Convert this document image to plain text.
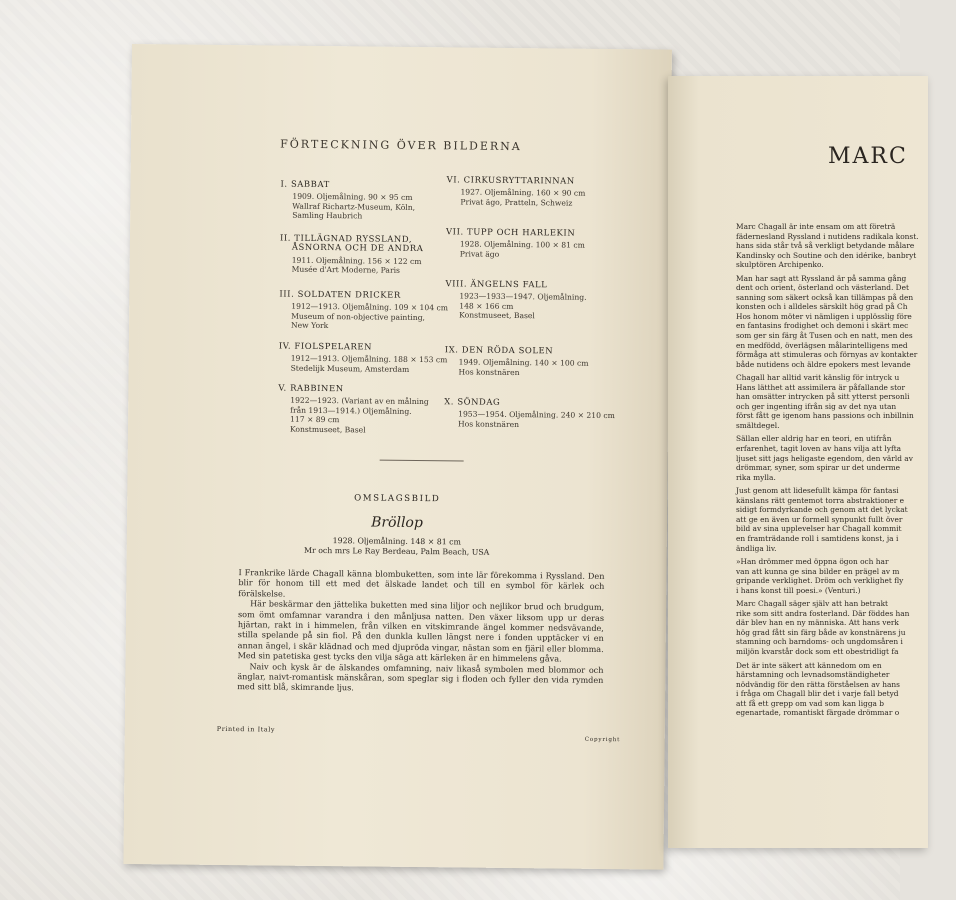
FÖRTECKNING ÖVER BILDERNA
I. SABBAT
1909. Oljemålning. 90 × 95 cm
Wallraf Richartz-Museum, Köln,
Samling Haubrich
II. TILLÄGNAD RYSSLAND,
ÅSNORNA OCH DE ANDRA
1911. Oljemålning. 156 × 122 cm
Musée d'Art Moderne, Paris
III. SOLDATEN DRICKER
1912—1913. Oljemålning. 109 × 104 cm
Museum of non-objective painting,
New York
IV. FIOLSPELAREN
1912—1913. Oljemålning. 188 × 153 cm
Stedelijk Museum, Amsterdam
V. RABBINEN
1922—1923. (Variant av en målning
från 1913—1914.) Oljemålning.
117 × 89 cm
Konstmuseet, Basel
VI. CIRKUSRYTTARINNAN
1927. Oljemålning. 160 × 90 cm
Privat ägo, Pratteln, Schweiz
VII. TUPP OCH HARLEKIN
1928. Oljemålning. 100 × 81 cm
Privat ägo
VIII. ÄNGELNS FALL
1923—1933—1947. Oljemålning.
148 × 166 cm
Konstmuseet, Basel
IX. DEN RÖDA SOLEN
1949. Oljemålning. 140 × 100 cm
Hos konstnären
X. SÖNDAG
1953—1954. Oljemålning. 240 × 210 cm
Hos konstnären
OMSLAGSBILD
Bröllop
1928. Oljemålning. 148 × 81 cm
Mr och mrs Le Ray Berdeau, Palm Beach, USA

I Frankrike lärde Chagall känna blombuketten, som inte lär förekomma i Ryssland. Den blir för honom till ett med det älskade landet och till en symbol för kärlek och förälskelse.

Här beskärmar den jättelika buketten med sina liljor och nejlikor brud och brudgum, som ömt omfamnar varandra i den månljusa natten. Den växer liksom upp ur deras hjärtan, rakt in i himmelen, från vilken en vitskimrande ängel kommer nedsvävande, stilla spelande på sin fiol. På den dunkla kullen längst nere i fonden upptäcker vi en annan ängel, i skär klädnad och med djupröda vingar, nästan som en fjäril eller blomma. Med sin patetiska gest tycks den vilja säga att kärleken är en himmelens gåva.

Naiv och kysk är de älskandes omfamning, naiv likaså symbolen med blommor och änglar, naivt-romantisk mänskåran, som speglar sig i floden och fyller den vida rymden med sitt blå, skimrande ljus.

Printed in Italy
Copyright
MARC
Marc Chagall är inte ensam om att företrä
fädernesland Ryssland i nutidens radikala konst.
hans sida står två så verkligt betydande målare
Kandinsky och Soutine och den idérike, banbryt
skulptören Archipenko.
Man har sagt att Ryssland är på samma gång
dent och orient, österland och västerland. Det
sanning som säkert också kan tillämpas på den
konsten och i alldeles särskilt hög grad på Ch
Hos honom möter vi nämligen i upplösslig före
en fantasins frodighet och demoni i skärt mec
som ger sin färg åt Tusen och en natt, men des
en medfödd, överlägsen målarintelligens med
förmåga att stimuleras och förnyas av kontakter
både nutidens och äldre epokers mest levande
Chagall har alltid varit känslig för intryck u
Hans lätthet att assimilera är påfallande stor
han omsätter intrycken på sitt ytterst personli
och ger ingenting ifrån sig av det nya utan
först fått ge igenom hans passions och inbillnin
smältdegel.
Sällan eller aldrig har en teori, en utifrån
erfarenhet, tagit loven av hans vilja att lyfta
ljuset sitt jags heligaste egendom, den värld av
drömmar, syner, som spirar ur det underme
rika mylla.
Just genom att lidesefullt kämpa för fantasi
känslans rätt gentemot torra abstraktioner e
sidigt formdyrkande och genom att det lyckat
att ge en även ur formell synpunkt fullt över
bild av sina upplevelser har Chagall kommit
en framträdande roll i samtidens konst, ja i
ändliga liv.
»Han drömmer med öppna ögon och har
van att kunna ge sina bilder en prägel av m
gripande verklighet. Dröm och verklighet fly
i hans konst till poesi.» (Venturi.)
Marc Chagall säger själv att han betrakt
rike som sitt andra fosterland. Där föddes han
där blev han en ny människa. Att hans verk
hög grad fått sin färg både av konstnärens ju
stamning och barndoms- och ungdomsåren i
miljön kvarstår dock som ett obestridligt fa
Det är inte säkert att kännedom om en
härstamning och levnadsomständigheter
nödvändig för den rätta förståelsen av hans
i fråga om Chagall blir det i varje fall betyd
att få ett grepp om vad som kan ligga b
egenartade, romantiskt färgade drömmar o
